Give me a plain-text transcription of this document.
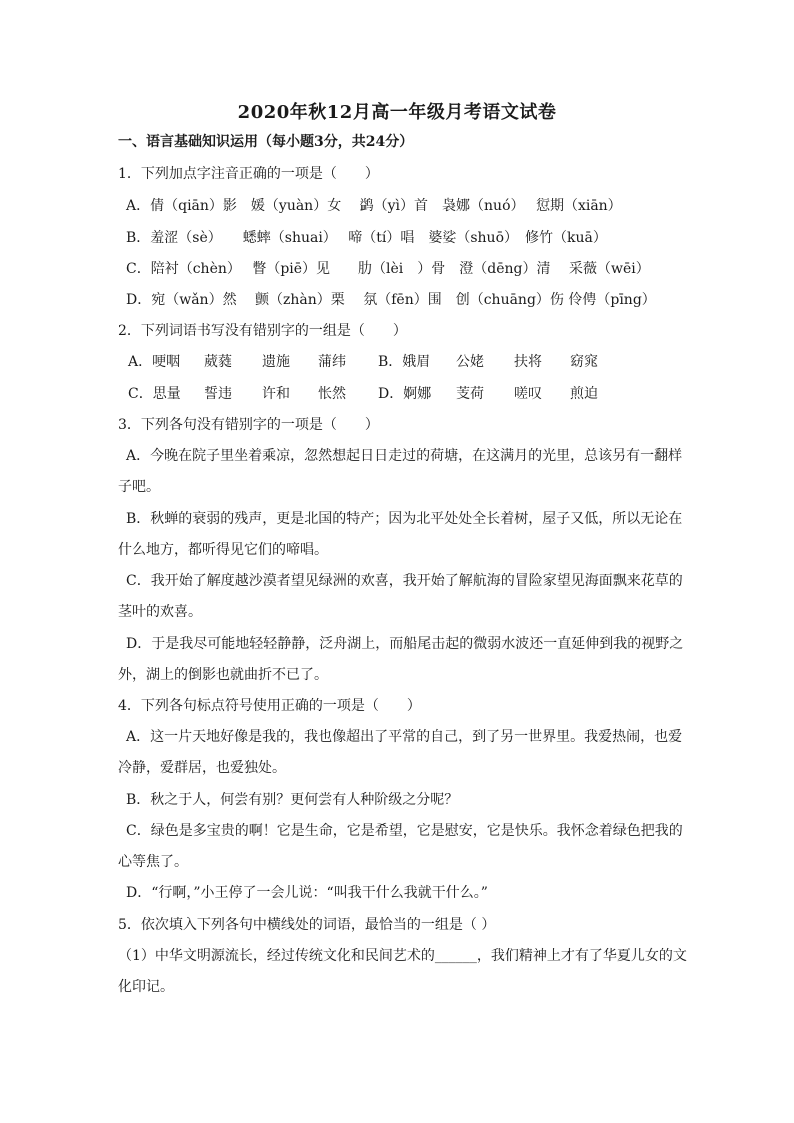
2020年秋12月高一年级月考语文试卷
一、语言基础知识运用（每小题3分，共24分）
1．下列加点字注音正确的一项是（　　）
A．倩（qiān）影　媛（yuàn）女　 鹢（yì）首　袅娜（nuó）　 愆期（xiān）
B．羞涩（sè）　　蟋蟀（shuai）　 啼（tí）唱　婆娑（shuō）　修竹（kuā）
C．陪衬（chèn）　 瞥（piē）见　　肋（lèi　）骨　澄（dēng）清　 采薇（wēi）
D．宛（wǎn）然　 颤（zhàn）栗　 氛（fēn）围　创（chuāng）伤 伶俜（pīng）
2．下列词语书写没有错别字的一组是（　　）
A．哽咽 葳蕤 遗施 蒲纬 B．娥眉 公姥 扶将 窈窕
C．思量 誓违 许和 怅然 D．婀娜 芰荷 嗟叹 煎迫
3．下列各句没有错别字的一项是（　　）
A．今晚在院子里坐着乘凉，忽然想起日日走过的荷塘，在这满月的光里，总该另有一翻样
子吧。
B．秋蝉的衰弱的残声，更是北国的特产；因为北平处处全长着树，屋子又低，所以无论在
什么地方，都听得见它们的啼唱。
C．我开始了解度越沙漠者望见绿洲的欢喜，我开始了解航海的冒险家望见海面飘来花草的
茎叶的欢喜。
D．于是我尽可能地轻轻静静，泛舟湖上，而船尾击起的微弱水波还一直延伸到我的视野之
外，湖上的倒影也就曲折不已了。
4．下列各句标点符号使用正确的一项是（　　）
A．这一片天地好像是我的，我也像超出了平常的自己，到了另一世界里。我爱热闹，也爱
冷静，爱群居，也爱独处。
B．秋之于人，何尝有别？更何尝有人种阶级之分呢？
C．绿色是多宝贵的啊！它是生命，它是希望，它是慰安，它是快乐。我怀念着绿色把我的
心等焦了。
D．“行啊，”小王停了一会儿说：“叫我干什么我就干什么。”
5．依次填入下列各句中横线处的词语，最恰当的一组是（ ）
（1）中华文明源流长，经过传统文化和民间艺术的______，我们精神上才有了华夏儿女的文
化印记。
